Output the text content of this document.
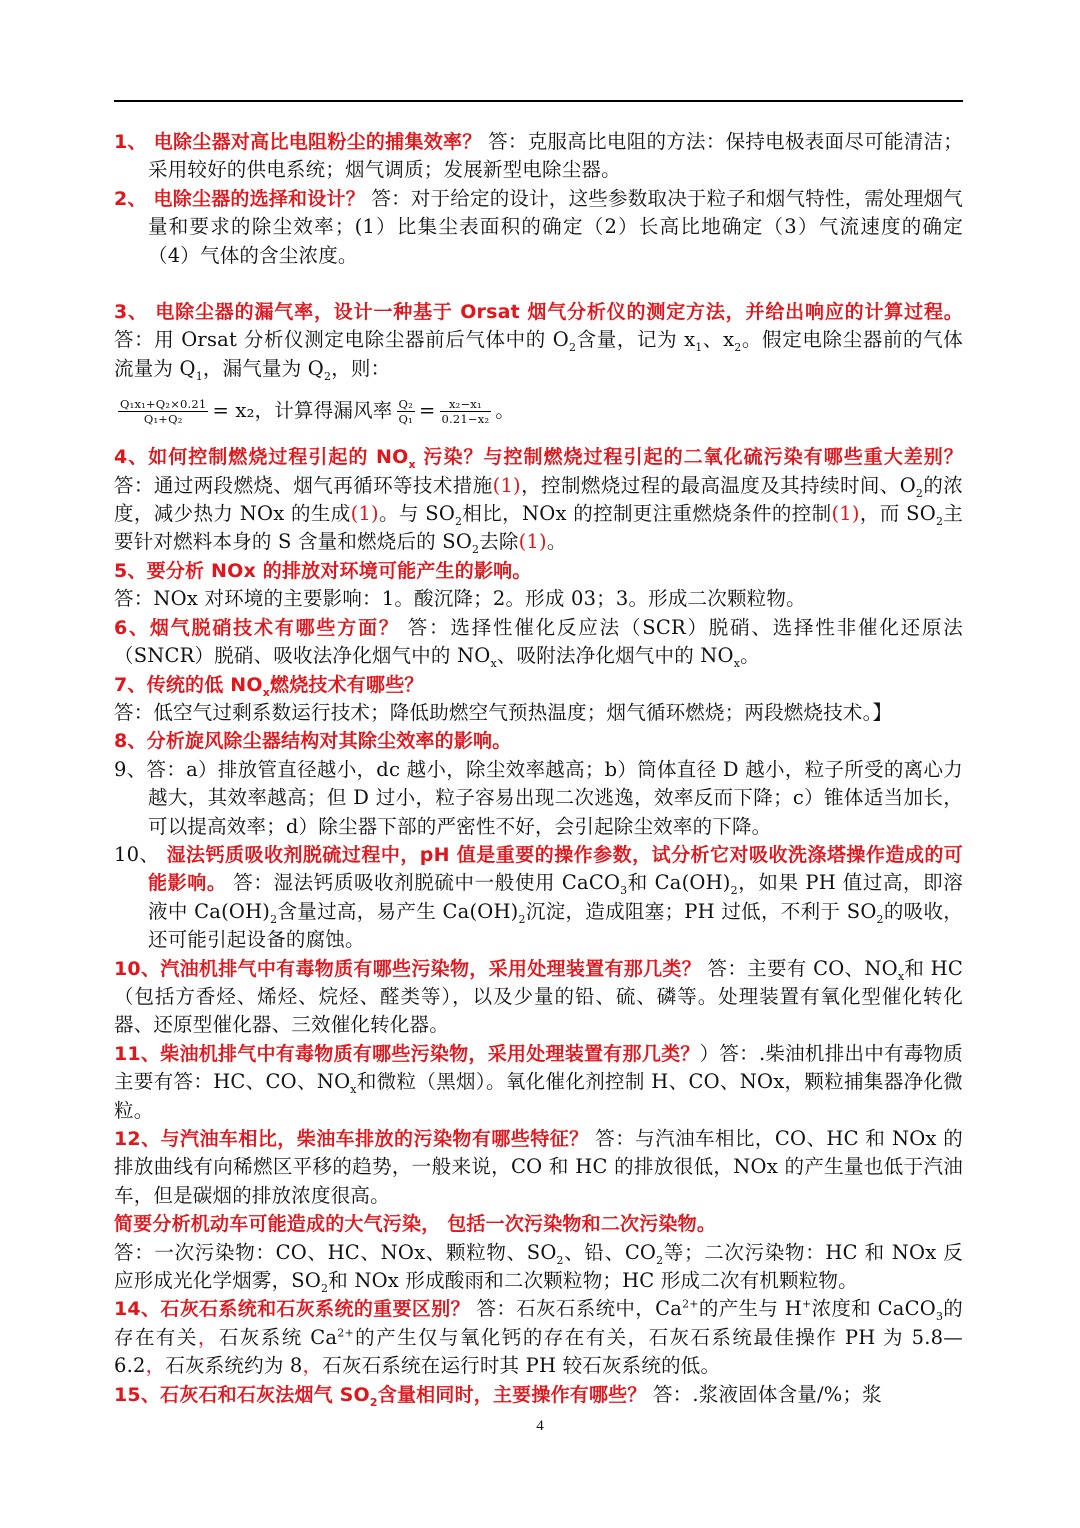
1、 电除尘器对高比电阻粉尘的捕集效率？ 答：克服高比电阻的方法：保持电极表面尽可能清洁；采用较好的供电系统；烟气调质；发展新型电除尘器。

2、 电除尘器的选择和设计？ 答：对于给定的设计，这些参数取决于粒子和烟气特性，需处理烟气量和要求的除尘效率；(1）比集尘表面积的确定（2）长高比地确定（3）气流速度的确定（4）气体的含尘浓度。

3、 电除尘器的漏气率，设计一种基于 Orsat 烟气分析仪的测定方法，并给出响应的计算过程。 答：用 Orsat 分析仪测定电除尘器前后气体中的 $O_2$含量，记为 $x_1$、$x_2$。假定电除尘器前的气体流量为 $Q_1$，漏气量为 $Q_2$，则：

$\frac{\text{Q₁x₁+Q₂×0.21}}{\text{Q₁+Q₂}} = x_2$，计算得漏风率 $\frac{\text{Q₂}}{\text{Q₁}} = \frac{\text{x₂−x₁}}{\text{0.21−x₂}}$ 。

4、如何控制燃烧过程引起的 $NO_x$ 污染？与控制燃烧过程引起的二氧化硫污染有哪些重大差别？ 答：通过两段燃烧、烟气再循环等技术措施(1)，控制燃烧过程的最高温度及其持续时间、$O_2$的浓度，减少热力 NOx 的生成(1)。与 $SO_2$相比，NOx 的控制更注重燃烧条件的控制(1)，而 $SO_2$主要针对燃料本身的 S 含量和燃烧后的 $SO_2$去除(1)。

5、要分析 NOx 的排放对环境可能产生的影响。

答：NOx 对环境的主要影响：1。酸沉降；2。形成 03；3。形成二次颗粒物。

6、烟气脱硝技术有哪些方面？ 答：选择性催化反应法（SCR）脱硝、选择性非催化还原法（SNCR）脱硝、吸收法净化烟气中的 $NO_x$、吸附法净化烟气中的 $NO_x$。

7、传统的低 $NO_x$燃烧技术有哪些？

答：低空气过剩系数运行技术；降低助燃空气预热温度；烟气循环燃烧；两段燃烧技术。】

8、分析旋风除尘器结构对其除尘效率的影响。

9、答：a）排放管直径越小，dc 越小，除尘效率越高；b）筒体直径 D 越小，粒子所受的离心力越大，其效率越高；但 D 过小，粒子容易出现二次逃逸，效率反而下降；c）锥体适当加长，可以提高效率；d）除尘器下部的严密性不好，会引起除尘效率的下降。

10、 湿法钙质吸收剂脱硫过程中，pH 值是重要的操作参数，试分析它对吸收洗涤塔操作造成的可能影响。 答：湿法钙质吸收剂脱硫中一般使用 CaCO$_3$和 $Ca(OH)_2$，如果 PH 值过高，即溶液中 $Ca(OH)_2$含量过高，易产生 $Ca(OH)_2$沉淀，造成阻塞；PH 过低，不利于 $SO_2$的吸收，还可能引起设备的腐蚀。

10、汽油机排气中有毒物质有哪些污染物，采用处理装置有那几类？ 答：主要有 CO、$NO_x$和 HC（包括方香烃、烯烃、烷烃、醛类等），以及少量的铅、硫、磷等。处理装置有氧化型催化转化器、还原型催化器、三效催化转化器。

11、柴油机排气中有毒物质有哪些污染物，采用处理装置有那几类？）答：.柴油机排出中有毒物质主要有答：HC、CO、$NO_x$和微粒（黑烟）。氧化催化剂控制 H、CO、NOx，颗粒捕集器净化微粒。

12、与汽油车相比，柴油车排放的污染物有哪些特征？ 答：与汽油车相比，CO、HC 和 NOx 的排放曲线有向稀燃区平移的趋势，一般来说，CO 和 HC 的排放很低，NOx 的产生量也低于汽油车，但是碳烟的排放浓度很高。

简要分析机动车可能造成的大气污染， 包括一次污染物和二次污染物。

答：一次污染物：CO、HC、NOx、颗粒物、$SO_2$、铅、$CO_2$等；二次污染物：HC 和 NOx 反应形成光化学烟雾，$SO_2$和 NOx 形成酸雨和二次颗粒物；HC 形成二次有机颗粒物。

14、石灰石系统和石灰系统的重要区别？ 答：石灰石系统中，$Ca^{2+}$的产生与 H+浓度和 CaCO$_3$的存在有关，石灰系统 $Ca^{2+}$的产生仅与氧化钙的存在有关，石灰石系统最佳操作 PH 为 5.8—6.2，石灰系统约为 8，石灰石系统在运行时其 PH 较石灰系统的低。

15、石灰石和石灰法烟气 $SO_2$含量相同时，主要操作有哪些？ 答：.浆液固体含量/%；浆

4
